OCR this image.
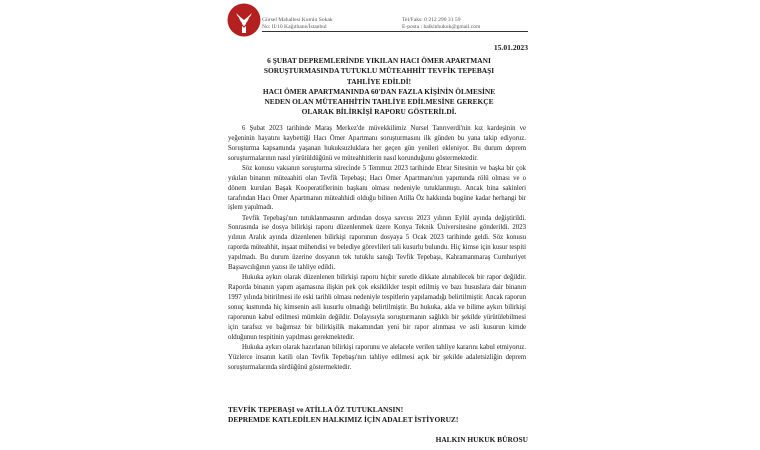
Gürsel Mahallesi Kumlu Sokak
No: II/10 Kağıthane/İstanbul
Tel/Faks: 0 212 290 31 59
E-posta : halkinhukuk@gmail.com
15.01.2023
6 ŞUBAT DEPREMLERİNDE YIKILAN HACI ÖMER APARTMANI
SORUŞTURMASINDA TUTUKLU MÜTEAHHİT TEVFİK TEPEBAŞI
TAHLİYE EDİLDİ!
HACI ÖMER APARTMANINDA 60'DAN FAZLA KİŞİNİN ÖLMESİNE
NEDEN OLAN MÜTEAHHİTİN TAHLİYE EDİLMESİNE GEREKÇE
OLARAK BİLİRKİŞİ RAPORU GÖSTERİLDİ.

6 Şubat 2023 tarihinde Maraş Merkez'de müvekkilimiz Nursel Tanrıverdi'nin kız kardeşinin ve yeğeninin hayatını kaybettiği Hacı Ömer Apartmanı soruşturmasını ilk günden bu yana takip ediyoruz. Soruşturma kapsamında yaşanan hukuksuzluklara her geçen gün yenileri ekleniyor. Bu durum deprem soruşturmalarının nasıl yürütüldüğünü ve müteahhitlerin nasıl korunduğunu göstermektedir.

Söz konusu vakıanın soruşturma sürecinde 5 Temmuz 2023 tarihinde Ebrar Sitesinin ve başka bir çok yıkılan binanın müteaahiti olan Tevfik Tepebaşı; Hacı Ömer Apartmanı'nın yapımında rölü olması ve o dönem kurulan Başak Kooperatiflerinin başkanı olması nedeniyle tutuklanmıştı. Ancak bina sakinleri tarafından Hacı Ömer Apartmanın müteahhidi olduğu bilinen Atilla Öz hakkında bugüne kadar herhangi bir işlem yapılmadı.

Tevfik Tepebaşı'nın tutuklanmasının ardından dosya savcısı 2023 yılının Eylül ayında değiştirildi. Sonrasında ise dosya bilirkişi raporu düzenlenmek üzere Konya Teknik Üniversitesine gönderildi. 2023 yılının Aralık ayında düzenlenen bilirkişi raporunun dosyaya 5 Ocak 2023 tarihinde geldi. Söz konusu raporda müteahhit, inşaat mühendisi ve belediye görevlileri tali kusurlu bulundu. Hiç kimse için kusur tespiti yapılmadı. Bu durum üzerine dosyanın tek tutuklu sanığı Tevfik Tepebaşı, Kahramanmaraş Cumhuriyet Başsavcılığının yazısı ile tahliye edildi.

Hukuka aykırı olarak düzenlenen bilirkişi raporu hiçbir suretle dikkate alınabilecek bir rapor değildir. Raporda binanın yapım aşamasına ilişkin pek çok eksiklikler tespit edilmiş ve bazı hususlara dair binanın 1997 yılında bitirilmesi ile eski tarihli olması nedeniyle tespitlerin yapılamadığı belirtilmiştir. Ancak raporun sonuç kısmında hiç kimsenin asli kusurlu olmadığı belirtilmiştir. Bu hukuka, akla ve bilime aykırı bilirkişi raporunun kabul edilmesi mümkün değildir. Dolayısıyla soruşturmanın sağlıklı bir şekilde yürütülebilmesi için tarafsız ve bağımsız bir bilirkişilik makamından yeni bir rapor alınması ve asli kusurun kimde olduğunun tespitinin yapılması gerekmektedir.

Hukuka aykırı olarak hazırlanan bilirkişi raporunu ve alelacele verilen tahliye kararını kabul etmiyoruz. Yüzlerce insanın katili olan Tevfik Tepebaşı'nın tahliye edilmesi açık bir şekilde adaletsizliğin deprem soruşturmalarında sürdüğünü göstermektedir.

TEVFİK TEPEBAŞI ve ATİLLA ÖZ TUTUKLANSIN!
DEPREMDE KATLEDİLEN HALKIMIZ İÇİN ADALET İSTİYORUZ!
HALKIN HUKUK BÜROSU
